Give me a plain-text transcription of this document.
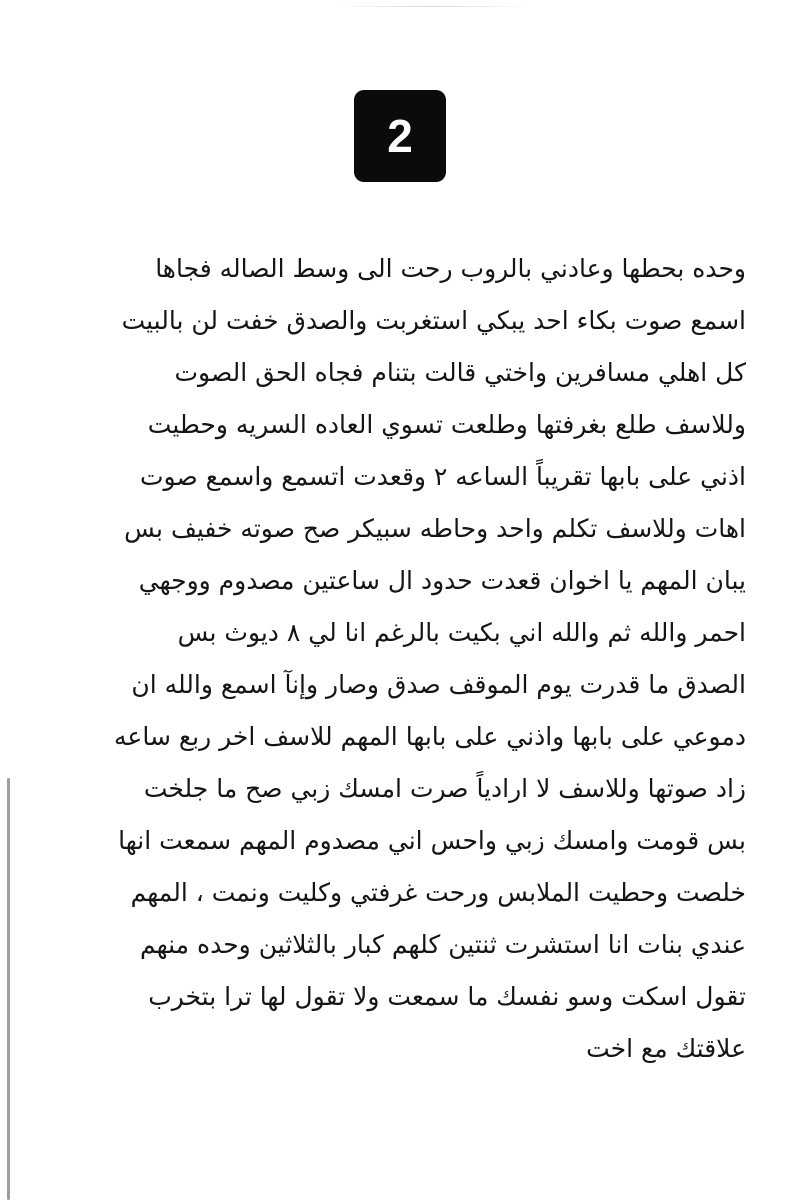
2
وحده بحطها وعادني بالروب رحت الى وسط الصاله فجاها
اسمع صوت بكاء احد يبكي استغربت والصدق خفت لن بالبيت
كل اهلي مسافرين واختي قالت بتنام فجاه الحق الصوت
وللاسف طلع بغرفتها وطلعت تسوي العاده السريه وحطيت
اذني على بابها تقريباً الساعه ٢ وقعدت اتسمع واسمع صوت
اهات وللاسف تكلم واحد وحاطه سبيكر صح صوته خفيف بس
يبان المهم يا اخوان قعدت حدود ال ساعتين مصدوم ووجهي
احمر والله ثم والله اني بكيت بالرغم انا لي ٨ ديوث بس
الصدق ما قدرت يوم الموقف صدق وصار وإنآ اسمع والله ان
دموعي على بابها واذني على بابها المهم للاسف اخر ربع ساعه
زاد صوتها وللاسف لا ارادياً صرت امسك زبي صح ما جلخت
بس قومت وامسك زبي واحس اني مصدوم المهم سمعت انها
خلصت وحطيت الملابس ورحت غرفتي وكليت ونمت ، المهم
عندي بنات انا استشرت ثنتين كلهم كبار بالثلاثين وحده منهم
تقول اسكت وسو نفسك ما سمعت ولا تقول لها ترا بتخرب
علاقتك مع اخت
